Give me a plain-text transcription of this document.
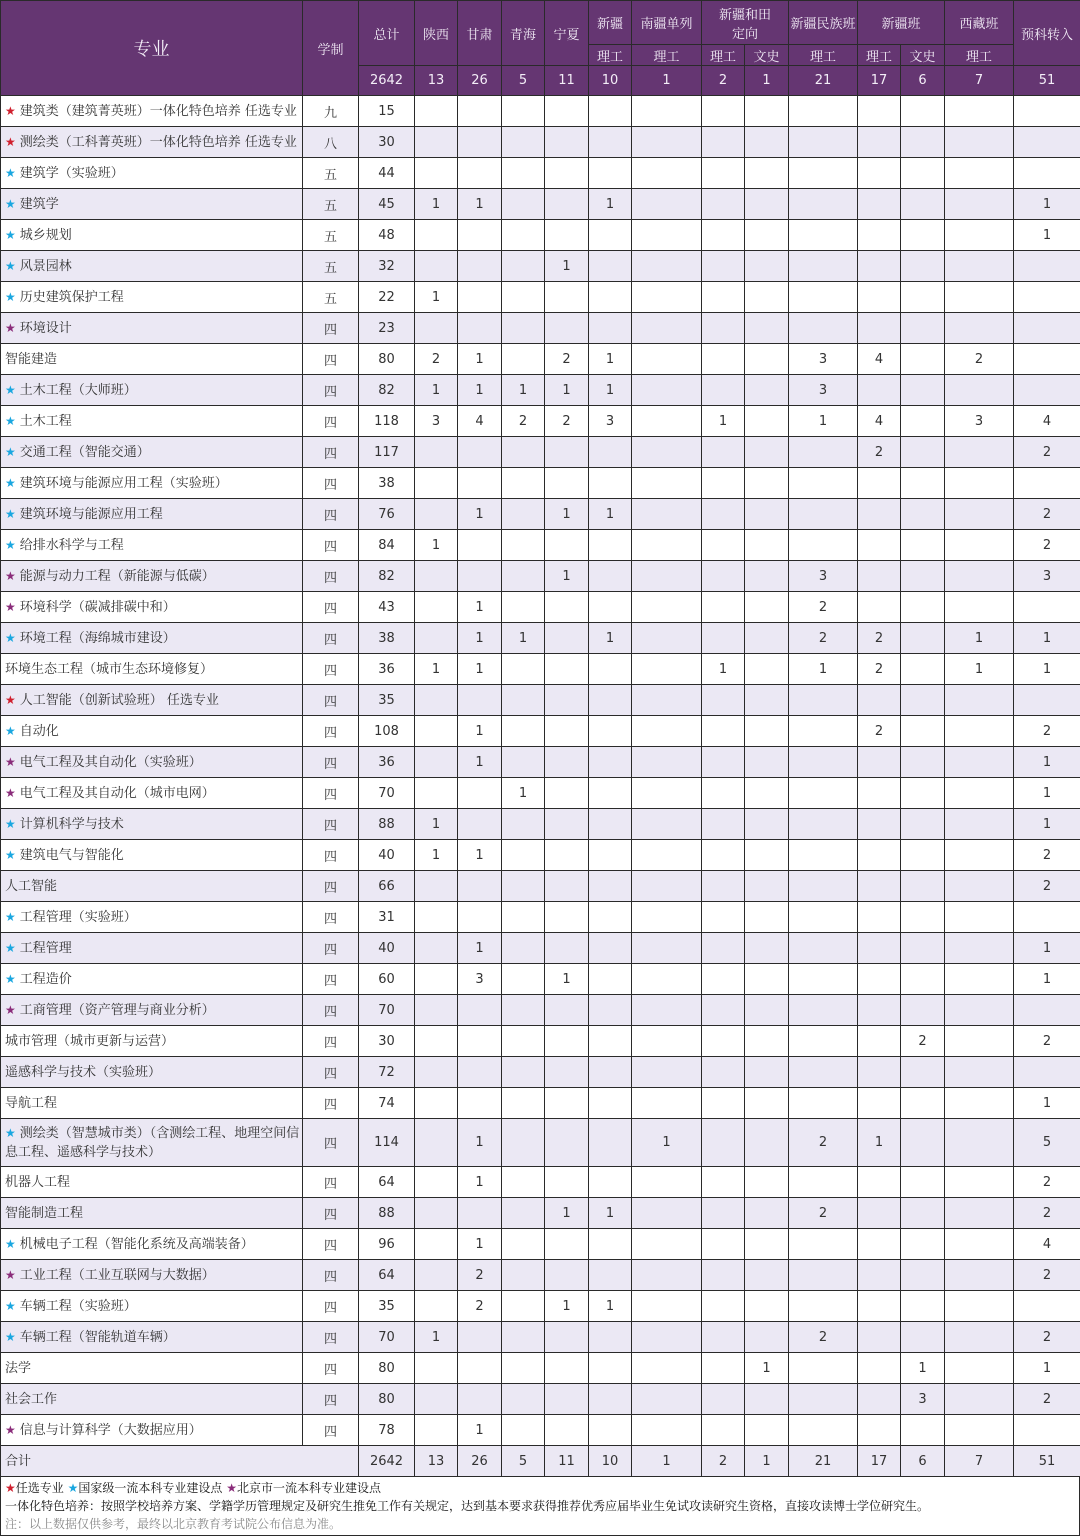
专业	学制	总计	陕西	甘肃	青海	宁夏	新疆	南疆单列	新疆和田定向		新疆民族班	新疆班		西藏班	预科转入
							理工	理工	理工	文史	理工	理工	文史	理工	
		2642	13	26	5	11	10	1	2	1	21	17	6	7	51
★ 建筑类（建筑菁英班）一体化特色培养 任选专业	九	15													
★ 测绘类（工科菁英班）一体化特色培养 任选专业	八	30													
★ 建筑学（实验班）	五	44													
★ 建筑学	五	45	1	1			1								1
★ 城乡规划	五	48													1
★ 风景园林	五	32				1									
★ 历史建筑保护工程	五	22	1												
★ 环境设计	四	23													
智能建造	四	80	2	1		2	1				3	4		2	
★ 土木工程（大师班）	四	82	1	1	1	1	1				3				
★ 土木工程	四	118	3	4	2	2	3		1		1	4		3	4
★ 交通工程（智能交通）	四	117										2			2
★ 建筑环境与能源应用工程（实验班）	四	38													
★ 建筑环境与能源应用工程	四	76		1		1	1								2
★ 给排水科学与工程	四	84	1												2
★ 能源与动力工程（新能源与低碳）	四	82				1					3				3
★ 环境科学（碳减排碳中和）	四	43		1							2				
★ 环境工程（海绵城市建设）	四	38		1	1		1				2	2		1	1
环境生态工程（城市生态环境修复）	四	36	1	1					1		1	2		1	1
★ 人工智能（创新试验班） 任选专业	四	35													
★ 自动化	四	108		1								2			2
★ 电气工程及其自动化（实验班）	四	36		1											1
★ 电气工程及其自动化（城市电网）	四	70			1										1
★ 计算机科学与技术	四	88	1												1
★ 建筑电气与智能化	四	40	1	1											2
人工智能	四	66													2
★ 工程管理（实验班）	四	31													
★ 工程管理	四	40		1											1
★ 工程造价	四	60		3		1									1
★ 工商管理（资产管理与商业分析）	四	70													
城市管理（城市更新与运营）	四	30											2		2
遥感科学与技术（实验班）	四	72													
导航工程	四	74													1
★ 测绘类（智慧城市类）（含测绘工程、地理空间信息工程、遥感科学与技术）	四	114		1				1			2	1			5
机器人工程	四	64		1											2
智能制造工程	四	88				1	1				2				2
★ 机械电子工程（智能化系统及高端装备）	四	96		1											4
★ 工业工程（工业互联网与大数据）	四	64		2											2
★ 车辆工程（实验班）	四	35		2		1	1								
★ 车辆工程（智能轨道车辆）	四	70	1								2				2
法学	四	80								1			1		1
社会工作	四	80											3		2
★ 信息与计算科学（大数据应用）	四	78		1											
合计		2642	13	26	5	11	10	1	2	1	21	17	6	7	51
★任选专业 ★国家级一流本科专业建设点 ★北京市一流本科专业建设点
一体化特色培养：按照学校培养方案、学籍学历管理规定及研究生推免工作有关规定，达到基本要求获得推荐优秀应届毕业生免试攻读研究生资格，直接攻读博士学位研究生。
注：以上数据仅供参考，最终以北京教育考试院公布信息为准。
